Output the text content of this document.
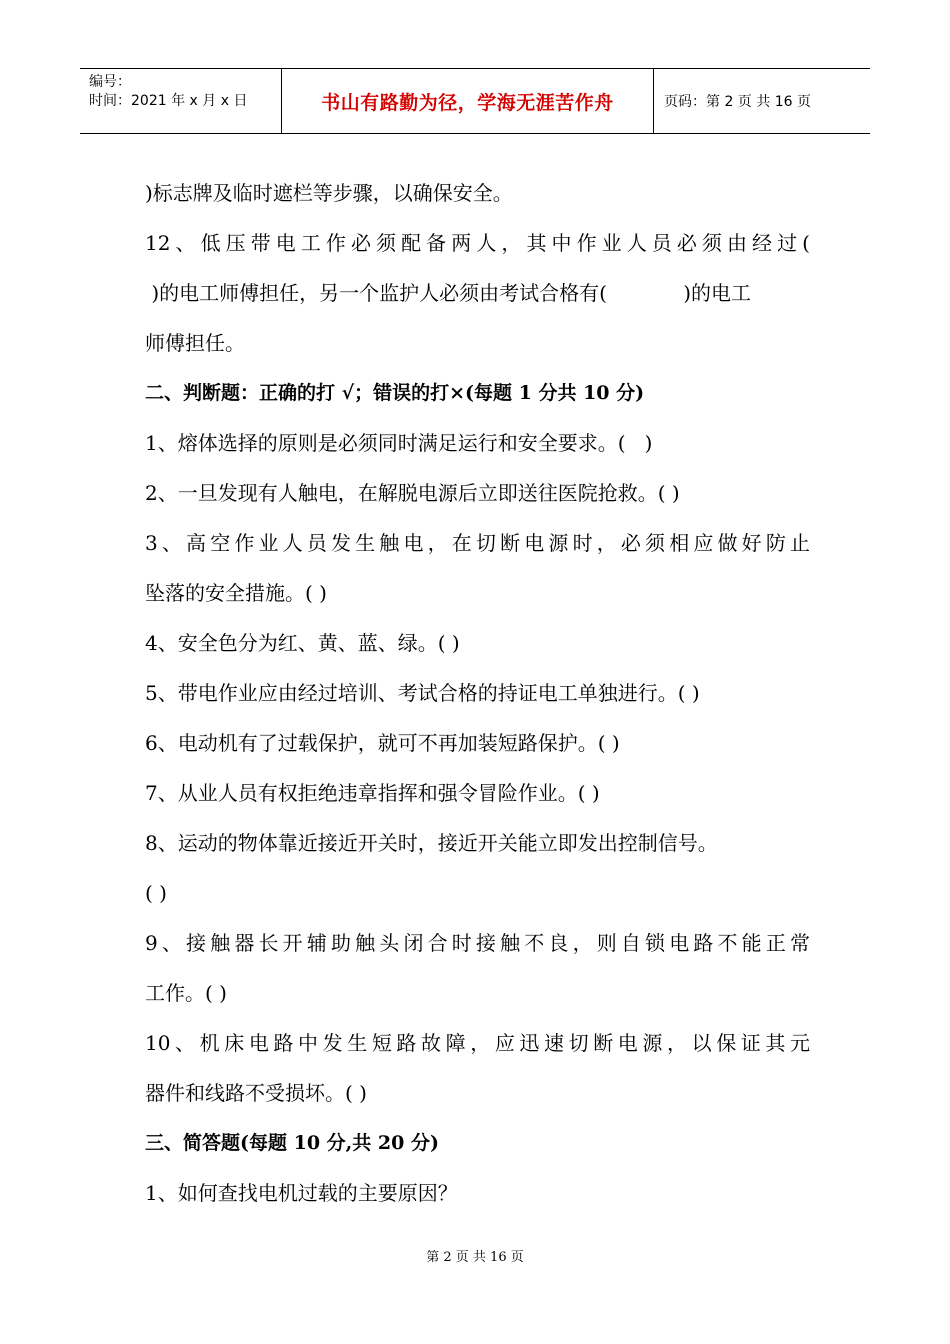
编号：
时间：2021 年 x 月 x 日	书山有路勤为径，学海无涯苦作舟	页码：第 2 页 共 16 页
)标志牌及临时遮栏等步骤，以确保安全。
12、低压带电工作必须配备两人，其中作业人员必须由经过(
)的电工师傅担任，另一个监护人必须由考试合格有(            )的电工
师傅担任。
二、判断题：正确的打 √；错误的打×(每题 1 分共 10 分)
1、熔体选择的原则是必须同时满足运行和安全要求。(   )
2、一旦发现有人触电，在解脱电源后立即送往医院抢救。( )
3、高空作业人员发生触电，在切断电源时，必须相应做好防止
坠落的安全措施。( )
4、安全色分为红、黄、蓝、绿。( )
5、带电作业应由经过培训、考试合格的持证电工单独进行。( )
6、电动机有了过载保护，就可不再加装短路保护。( )
7、从业人员有权拒绝违章指挥和强令冒险作业。( )
8、运动的物体靠近接近开关时，接近开关能立即发出控制信号。
( )
9、接触器长开辅助触头闭合时接触不良，则自锁电路不能正常
工作。( )
10、机床电路中发生短路故障，应迅速切断电源，以保证其元
器件和线路不受损坏。( )
三、简答题(每题 10 分,共 20 分)
1、如何查找电机过载的主要原因？
第 2 页 共 16 页
